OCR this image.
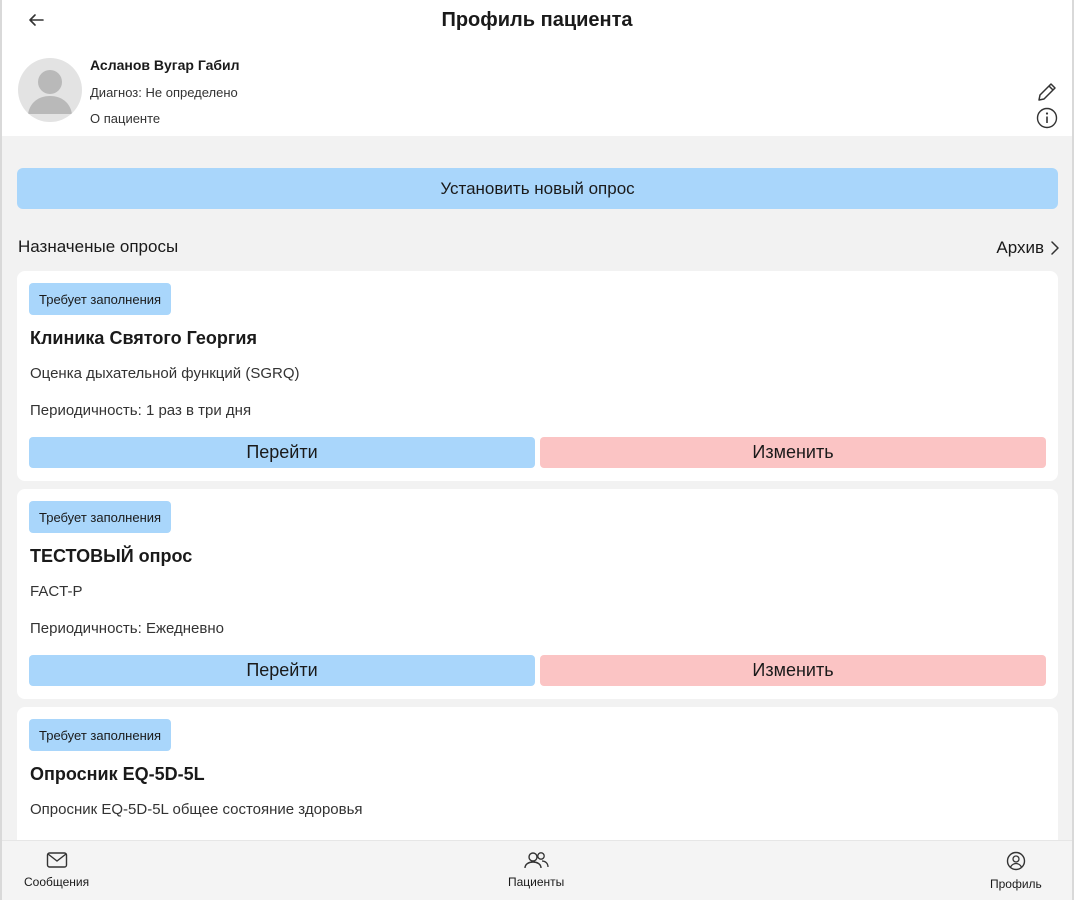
Профиль пациента
Асланов Вугар Габил
Диагноз: Не определено
О пациенте
Установить новый опрос
Назначеные опросы	Архив
Требует заполнения
Клиника Святого Георгия
Оценка дыхательной функций (SGRQ)
Периодичность: 1 раз в три дня
Перейти	Изменить
Требует заполнения
ТЕСТОВЫЙ опрос
FACT-P
Периодичность: Ежедневно
Перейти	Изменить
Требует заполнения
Опросник EQ-5D-5L
Опросник EQ-5D-5L общее состояние здоровья
Сообщения	Пациенты	Профиль
